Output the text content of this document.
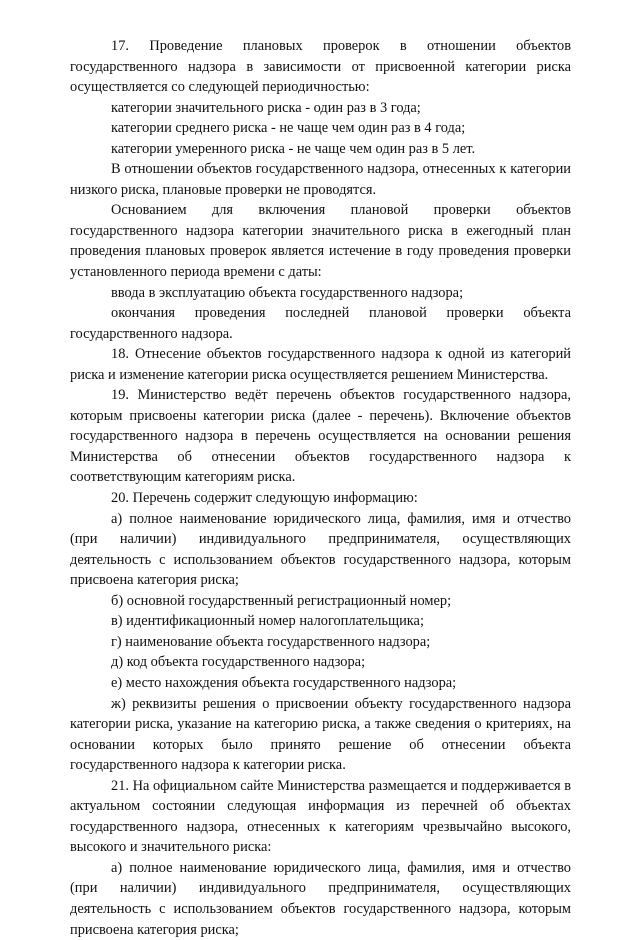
17. Проведение плановых проверок в отношении объектов государственного надзора в зависимости от присвоенной категории риска осуществляется со следующей периодичностью:

категории значительного риска - один раз в 3 года;

категории среднего риска - не чаще чем один раз в 4 года;

категории умеренного риска - не чаще чем один раз в 5 лет.

В отношении объектов государственного надзора, отнесенных к категории низкого риска, плановые проверки не проводятся.

Основанием для включения плановой проверки объектов государственного надзора категории значительного риска в ежегодный план проведения плановых проверок является истечение в году проведения проверки установленного периода времени с даты:

ввода в эксплуатацию объекта государственного надзора;

окончания проведения последней плановой проверки объекта государственного надзора.

18. Отнесение объектов государственного надзора к одной из категорий риска и изменение категории риска осуществляется решением Министерства.

19. Министерство ведёт перечень объектов государственного надзора, которым присвоены категории риска (далее - перечень). Включение объектов государственного надзора в перечень осуществляется на основании решения Министерства об отнесении объектов государственного надзора к соответствующим категориям риска.

20. Перечень содержит следующую информацию:

а) полное наименование юридического лица, фамилия, имя и отчество (при наличии) индивидуального предпринимателя, осуществляющих деятельность с использованием объектов государственного надзора, которым присвоена категория риска;

б) основной государственный регистрационный номер;

в) идентификационный номер налогоплательщика;

г) наименование объекта государственного надзора;

д) код объекта государственного надзора;

е) место нахождения объекта государственного надзора;

ж) реквизиты решения о присвоении объекту государственного надзора категории риска, указание на категорию риска, а также сведения о критериях, на основании которых было принято решение об отнесении объекта государственного надзора к категории риска.

21. На официальном сайте Министерства размещается и поддерживается в актуальном состоянии следующая информация из перечней об объектах государственного надзора, отнесенных к категориям чрезвычайно высокого, высокого и значительного риска:

а) полное наименование юридического лица, фамилия, имя и отчество (при наличии) индивидуального предпринимателя, осуществляющих деятельность с использованием объектов государственного надзора, которым присвоена категория риска;
